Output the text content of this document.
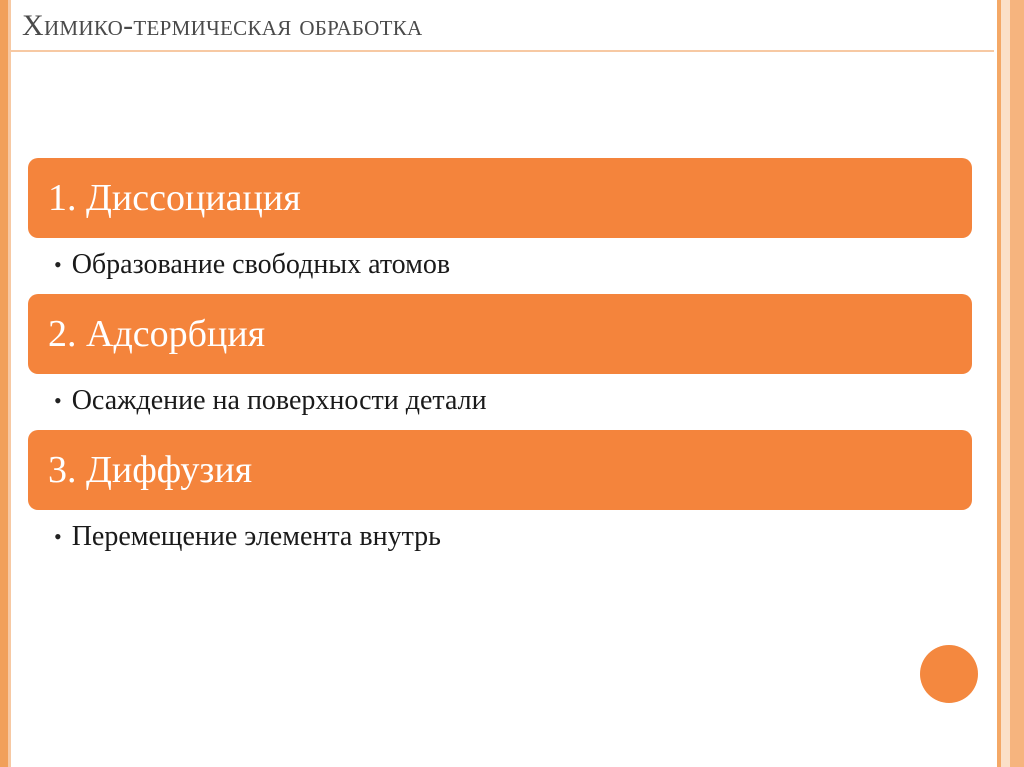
Химико-термическая обработка
1. Диссоциация
• Образование свободных атомов
2. Адсорбция
• Осаждение на поверхности детали
3. Диффузия
• Перемещение элемента внутрь
